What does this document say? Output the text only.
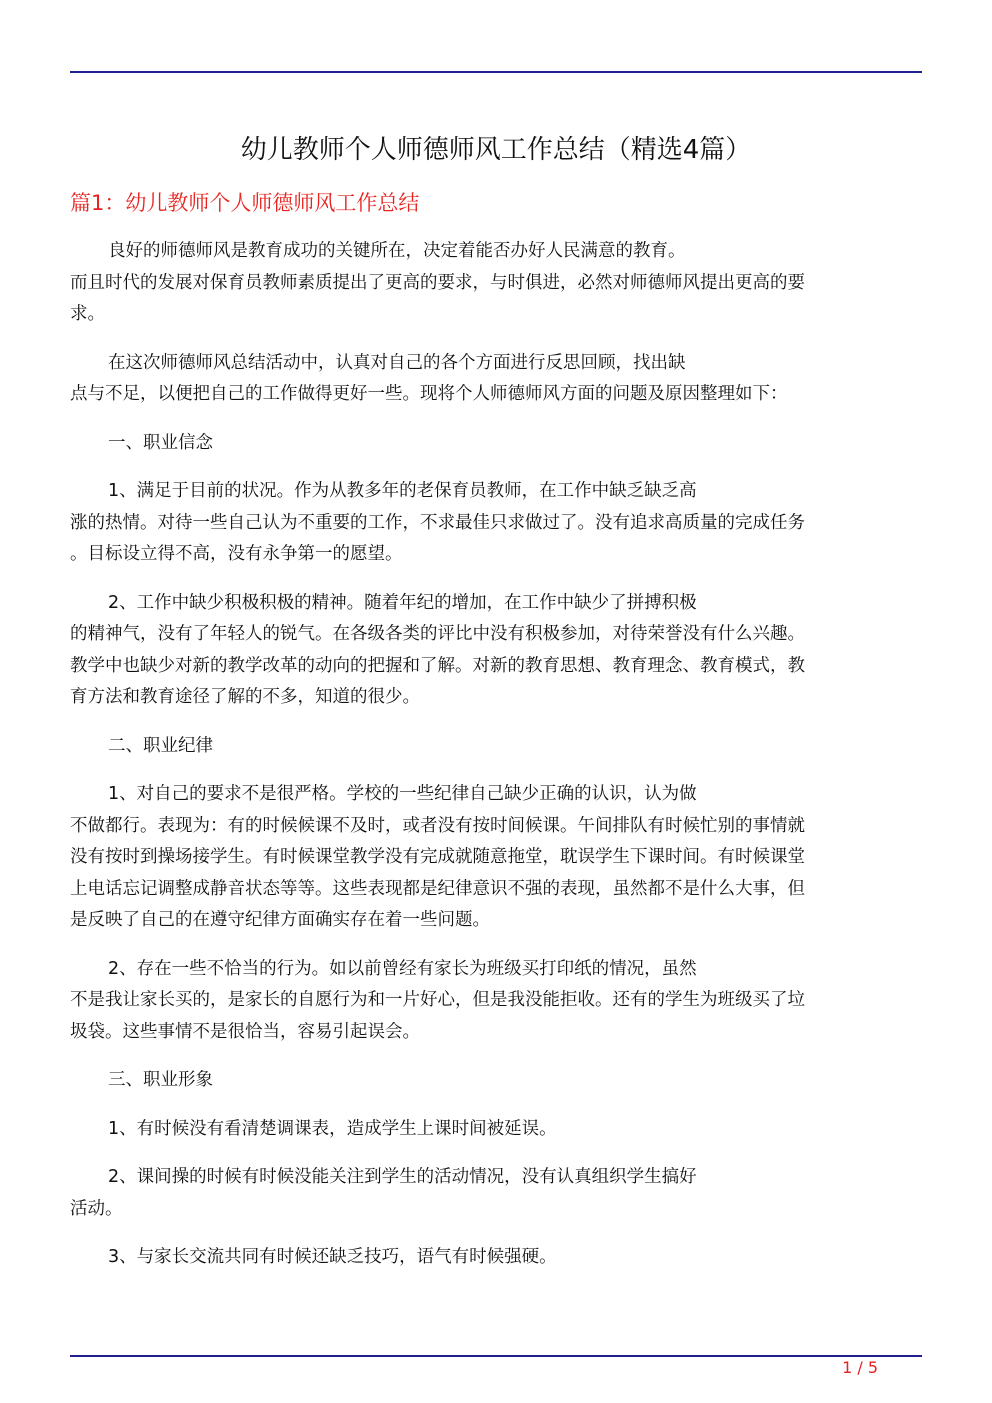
幼儿教师个人师德师风工作总结（精选4篇）
篇1：幼儿教师个人师德师风工作总结
良好的师德师风是教育成功的关键所在，决定着能否办好人民满意的教育。
而且时代的发展对保育员教师素质提出了更高的要求，与时俱进，必然对师德师风提出更高的要
求。
在这次师德师风总结活动中，认真对自己的各个方面进行反思回顾，找出缺
点与不足，以便把自己的工作做得更好一些。现将个人师德师风方面的问题及原因整理如下：
一、职业信念
1、满足于目前的状况。作为从教多年的老保育员教师，在工作中缺乏缺乏高
涨的热情。对待一些自己认为不重要的工作，不求最佳只求做过了。没有追求高质量的完成任务
。目标设立得不高，没有永争第一的愿望。
2、工作中缺少积极积极的精神。随着年纪的增加，在工作中缺少了拼搏积极
的精神气，没有了年轻人的锐气。在各级各类的评比中没有积极参加，对待荣誉没有什么兴趣。
教学中也缺少对新的教学改革的动向的把握和了解。对新的教育思想、教育理念、教育模式，教
育方法和教育途径了解的不多，知道的很少。
二、职业纪律
1、对自己的要求不是很严格。学校的一些纪律自己缺少正确的认识，认为做
不做都行。表现为：有的时候候课不及时，或者没有按时间候课。午间排队有时候忙别的事情就
没有按时到操场接学生。有时候课堂教学没有完成就随意拖堂，耽误学生下课时间。有时候课堂
上电话忘记调整成静音状态等等。这些表现都是纪律意识不强的表现，虽然都不是什么大事，但
是反映了自己的在遵守纪律方面确实存在着一些问题。
2、存在一些不恰当的行为。如以前曾经有家长为班级买打印纸的情况，虽然
不是我让家长买的，是家长的自愿行为和一片好心，但是我没能拒收。还有的学生为班级买了垃
圾袋。这些事情不是很恰当，容易引起误会。
三、职业形象
1、有时候没有看清楚调课表，造成学生上课时间被延误。
2、课间操的时候有时候没能关注到学生的活动情况，没有认真组织学生搞好
活动。
3、与家长交流共同有时候还缺乏技巧，语气有时候强硬。
1 / 5
